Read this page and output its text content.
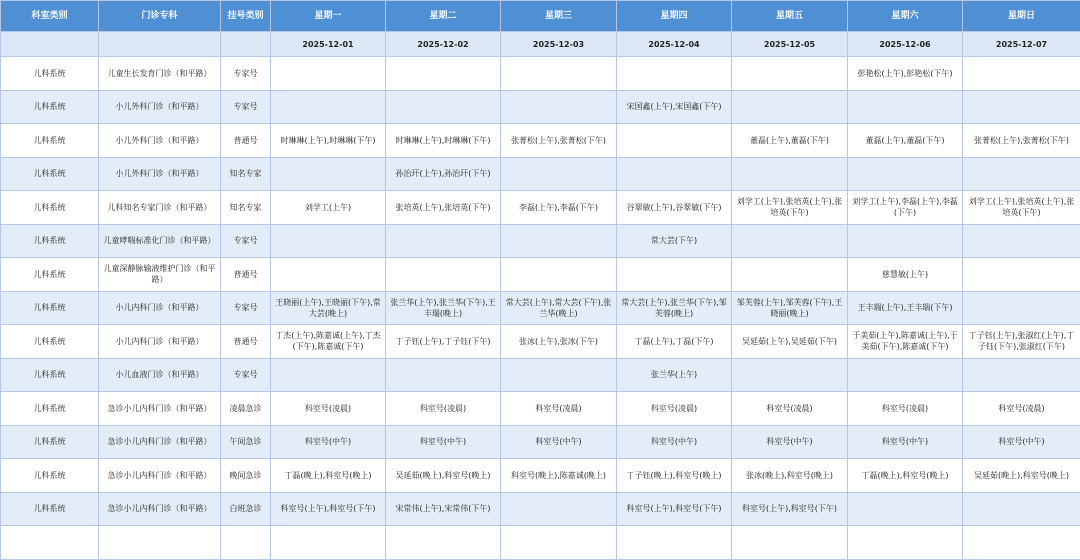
科室类别	门诊专科	挂号类别	星期一	星期二	星期三	星期四	星期五	星期六	星期日
			2025-12-01	2025-12-02	2025-12-03	2025-12-04	2025-12-05	2025-12-06	2025-12-07
儿科系统	儿童生长发育门诊（和平路）	专家号						彭艳松(上午),彭艳松(下午)	
儿科系统	小儿外科门诊（和平路）	专家号				宋国鑫(上午),宋国鑫(下午)			
儿科系统	小儿外科门诊（和平路）	普通号	时琳琳(上午),时琳琳(下午)	时琳琳(上午),时琳琳(下午)	张菁松(上午),张菁松(下午)		董磊(上午),董磊(下午)	董磊(上午),董磊(下午)	张菁松(上午),张菁松(下午)
儿科系统	小儿外科门诊（和平路）	知名专家		孙治玕(上午),孙治玕(下午)					
儿科系统	儿科知名专家门诊（和平路）	知名专家	刘学工(上午)	张培英(上午),张培英(下午)	李磊(上午),李磊(下午)	谷翠敏(上午),谷翠敏(下午)	刘学工(上午),张培英(上午),张培英(下午)	刘学工(上午),李磊(上午),李磊(下午)	刘学工(上午),张培英(上午),张培英(下午)
儿科系统	儿童哮喘标准化门诊（和平路）	专家号				常大芸(下午)			
儿科系统	儿童深静脉输液维护门诊（和平路）	普通号						慈慧敏(上午)	
儿科系统	小儿内科门诊（和平路）	专家号	王晓丽(上午),王晓丽(下午),常大芸(晚上)	张兰华(上午),张兰华(下午),王丰瑞(晚上)	常大芸(上午),常大芸(下午),张兰华(晚上)	常大芸(上午),张兰华(下午),邹芙蓉(晚上)	邹芙蓉(上午),邹芙蓉(下午),王晓丽(晚上)	王丰瑞(上午),王丰瑞(下午)	
儿科系统	小儿内科门诊（和平路）	普通号	丁杰(上午),陈嘉诚(上午),丁杰(下午),陈嘉诚(下午)	丁子钰(上午),丁子钰(下午)	张冰(上午),张冰(下午)	丁磊(上午),丁磊(下午)	吴延茹(上午),吴延茹(下午)	于美茹(上午),陈嘉诚(上午),于美茹(下午),陈嘉诚(下午)	丁子钰(上午),张淑红(上午),丁子钰(下午),张淑红(下午)
儿科系统	小儿血液门诊（和平路）	专家号				张兰华(上午)			
儿科系统	急诊小儿内科门诊（和平路）	凌晨急诊	科室号(凌晨)	科室号(凌晨)	科室号(凌晨)	科室号(凌晨)	科室号(凌晨)	科室号(凌晨)	科室号(凌晨)
儿科系统	急诊小儿内科门诊（和平路）	午间急诊	科室号(中午)	科室号(中午)	科室号(中午)	科室号(中午)	科室号(中午)	科室号(中午)	科室号(中午)
儿科系统	急诊小儿内科门诊（和平路）	晚间急诊	丁磊(晚上),科室号(晚上)	吴延茹(晚上),科室号(晚上)	科室号(晚上),陈嘉诚(晚上)	丁子钰(晚上),科室号(晚上)	张冰(晚上),科室号(晚上)	丁磊(晚上),科室号(晚上)	吴延茹(晚上),科室号(晚上)
儿科系统	急诊小儿内科门诊（和平路）	白班急诊	科室号(上午),科室号(下午)	宋常伟(上午),宋常伟(下午)		科室号(上午),科室号(下午)	科室号(上午),科室号(下午)		
